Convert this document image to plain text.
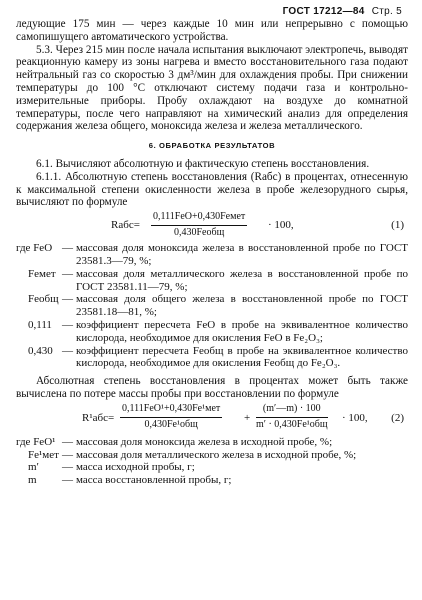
ГОСТ 17212—84 Стр. 5

ледующие 175 мин — через каждые 10 мин или непрерывно с помощью самопишущего автоматического устройства.

5.3. Через 215 мин после начала испытания выключают электропечь, выводят реакционную камеру из зоны нагрева и вместо восстановительного газа подают нейтральный газ со скоростью 3 дм³/мин для охлаждения пробы. При снижении температуры до 100 °С отключают систему подачи газа и контрольно-измерительные приборы. Пробу охлаждают на воздухе до комнатной температуры, после чего направляют на химический анализ для определения содержания железа общего, моноксида железа и железа металлического.

6. ОБРАБОТКА РЕЗУЛЬТАТОВ

6.1. Вычисляют абсолютную и фактическую степень восстановления.

6.1.1. Абсолютную степень восстановления (Rабс) в процентах, отнесенную к максимальной степени окисленности железа в пробе железорудного сырья, вычисляют по формуле

Rабс=
0,111FeO+0,430Feмет
0,430Feобщ
· 100,	(1)
где FeO	—	массовая доля моноксида железа в восстановленной пробе по ГОСТ 23581.3—79, %;
Feмет	—	массовая доля металлического железа в восстановленной пробе по ГОСТ 23581.11—79, %;
Feобщ	—	массовая доля общего железа в восстановленной пробе по ГОСТ 23581.18—81, %;
0,111	—	коэффициент пересчета FeO в пробе на эквивалентное количество кислорода, необходимое для окисления FeO в Fe₂O₃;
0,430	—	коэффициент пересчета Feобщ в пробе на эквивалентное количество кислорода, необходимое для окисления Feобщ до Fe₂O₃.

Абсолютная степень восстановления в процентах может быть также вычислена по потере массы пробы при восстановлении по формуле

R¹абс=
0,111FeO¹+0,430Fe¹мет
0,430Fe¹общ
+
(m′—m) · 100
m′ · 0,430Fe¹общ
· 100, (2)
где FeO¹	—	массовая доля моноксида железа в исходной пробе, %;
Fe¹мет	—	массовая доля металлического железа в исходной пробе, %;
m′	—	масса исходной пробы, г;
m	—	масса восстановленной пробы, г;
